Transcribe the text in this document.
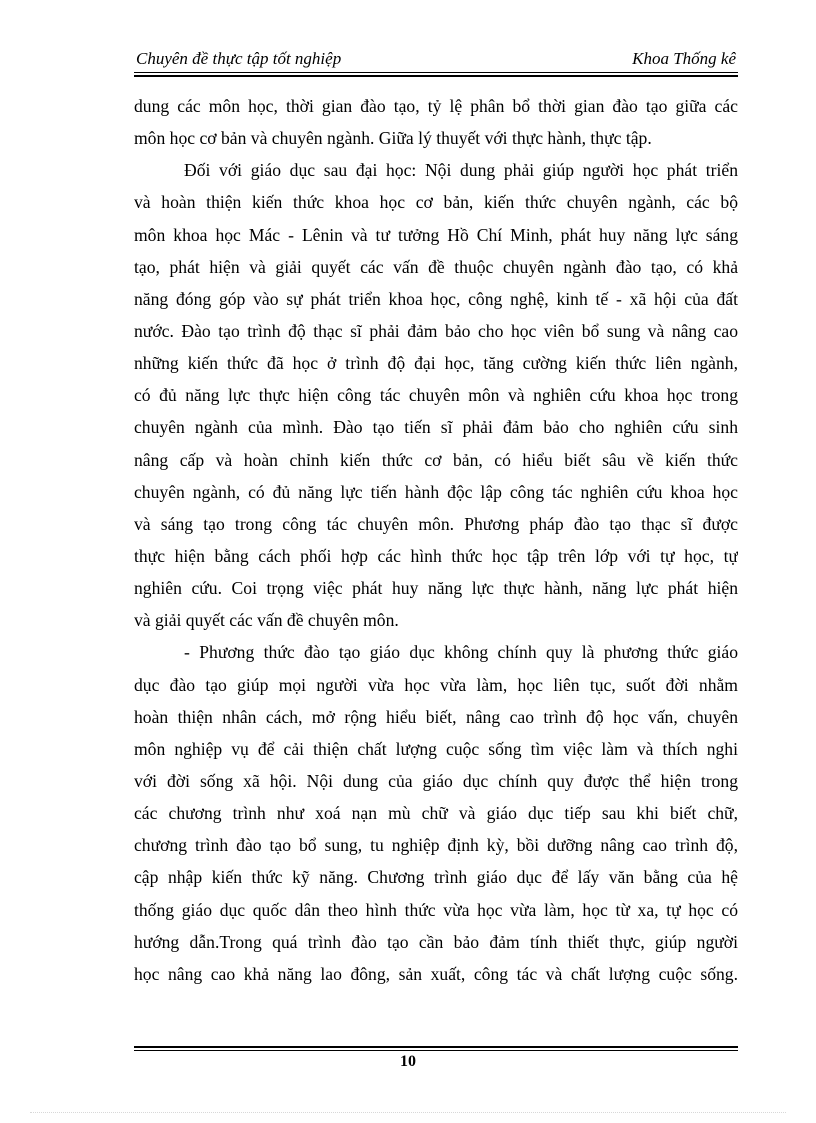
Chuyên đề thực tập tốt nghiệp	Khoa Thống kê
dung các môn học, thời gian đào tạo, tỷ lệ phân bổ thời gian đào tạo giữa các
môn học cơ bản và chuyên ngành. Giữa lý thuyết với thực hành, thực tập.
Đối với giáo dục sau đại học: Nội dung phải giúp người học phát triển
và hoàn thiện kiến thức khoa học cơ bản, kiến thức chuyên ngành, các bộ
môn khoa học Mác - Lênin và tư tưởng Hồ Chí Minh, phát huy năng lực sáng
tạo, phát hiện và giải quyết các vấn đề thuộc chuyên ngành đào tạo, có khả
năng đóng góp vào sự phát triển khoa học, công nghệ, kinh tế - xã hội của đất
nước. Đào tạo trình độ thạc sĩ phải đảm bảo cho học viên bổ sung và nâng cao
những kiến thức đã học ở trình độ đại học, tăng cường kiến thức liên ngành,
có đủ năng lực thực hiện công tác chuyên môn và nghiên cứu khoa học trong
chuyên ngành của mình. Đào tạo tiến sĩ phải đảm bảo cho nghiên cứu sinh
nâng cấp và hoàn chỉnh kiến thức cơ bản, có hiểu biết sâu về kiến thức
chuyên ngành, có đủ năng lực tiến hành độc lập công tác nghiên cứu khoa học
và sáng tạo trong công tác chuyên môn. Phương pháp đào tạo thạc sĩ được
thực hiện bằng cách phối hợp các hình thức học tập trên lớp với tự học, tự
nghiên cứu. Coi trọng việc phát huy năng lực thực hành, năng lực phát hiện
và giải quyết các vấn đề chuyên môn.
- Phương thức đào tạo giáo dục không chính quy là phương thức giáo
dục đào tạo giúp mọi người vừa học vừa làm, học liên tục, suốt đời nhằm
hoàn thiện nhân cách, mở rộng hiểu biết, nâng cao trình độ học vấn, chuyên
môn nghiệp vụ để cải thiện chất lượng cuộc sống tìm việc làm và thích nghi
với đời sống xã hội. Nội dung của giáo dục chính quy được thể hiện trong
các chương trình như xoá nạn mù chữ và giáo dục tiếp sau khi biết chữ,
chương trình đào tạo bổ sung, tu nghiệp định kỳ, bồi dưỡng nâng cao trình độ,
cập nhập kiến thức kỹ năng. Chương trình giáo dục để lấy văn bằng của hệ
thống giáo dục quốc dân theo hình thức vừa học vừa làm, học từ xa, tự học có
hướng dẫn.Trong quá trình đào tạo cần bảo đảm tính thiết thực, giúp người
học nâng cao khả năng lao đông, sản xuất, công tác và chất lượng cuộc sống.
10
